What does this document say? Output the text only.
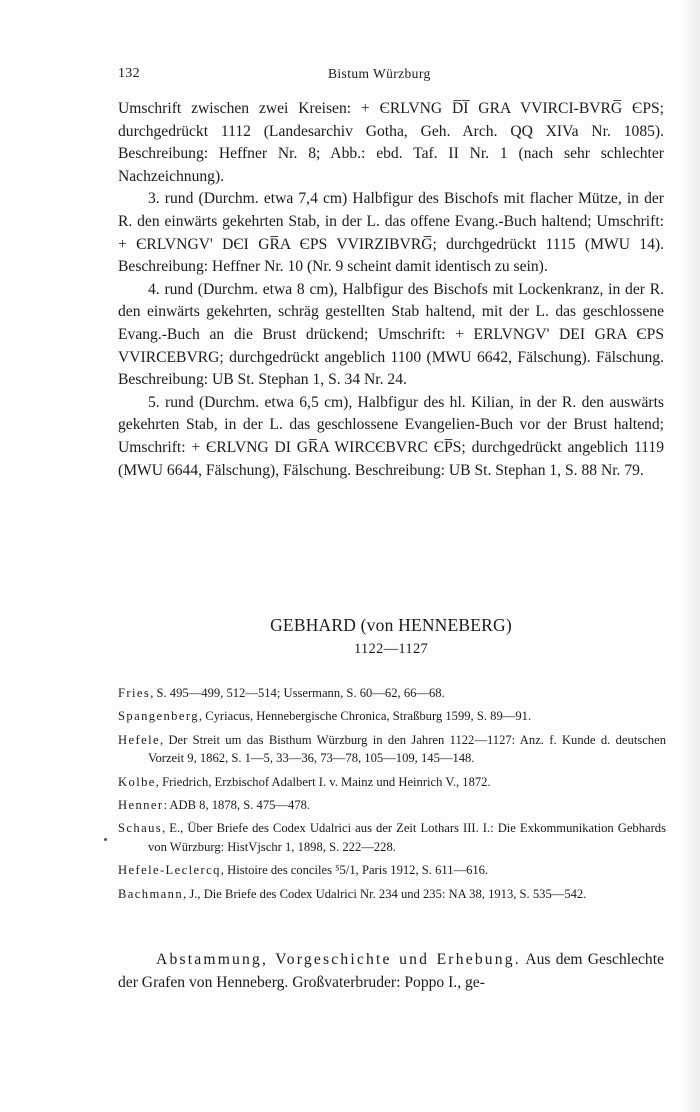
132	Bistum Würzburg

Umschrift zwischen zwei Kreisen: + ЄRLVNG D̅I̅ GRA VVIRCI-BVRG̅ ЄPS; durchgedrückt 1112 (Landesarchiv Gotha, Geh. Arch. QQ XIVa Nr. 1085). Beschreibung: Heffner Nr. 8; Abb.: ebd. Taf. II Nr. 1 (nach sehr schlechter Nachzeichnung).

3. rund (Durchm. etwa 7,4 cm) Halbfigur des Bischofs mit flacher Mütze, in der R. den einwärts gekehrten Stab, in der L. das offene Evang.-Buch haltend; Umschrift: + ЄRLVNGV' DЄI GR̅A ЄPS VVIRZIBVRG̅; durchgedrückt 1115 (MWU 14). Beschreibung: Heffner Nr. 10 (Nr. 9 scheint damit identisch zu sein).

4. rund (Durchm. etwa 8 cm), Halbfigur des Bischofs mit Lockenkranz, in der R. den einwärts gekehrten, schräg gestellten Stab haltend, mit der L. das geschlossene Evang.-Buch an die Brust drückend; Umschrift: + ERLVNGV' DEI GRA ЄPS VVIRCEBVRG; durchgedrückt angeblich 1100 (MWU 6642, Fälschung). Fälschung. Beschreibung: UB St. Stephan 1, S. 34 Nr. 24.

5. rund (Durchm. etwa 6,5 cm), Halbfigur des hl. Kilian, in der R. den auswärts gekehrten Stab, in der L. das geschlossene Evangelien-Buch vor der Brust haltend; Umschrift: + ЄRLVNG DI GR̅A WIRCЄBVRC ЄP̅S; durchgedrückt angeblich 1119 (MWU 6644, Fälschung), Fälschung. Beschreibung: UB St. Stephan 1, S. 88 Nr. 79.

GEBHARD (von HENNEBERG)
1122—1127

Fries, S. 495—499, 512—514; Ussermann, S. 60—62, 66—68.

Spangenberg, Cyriacus, Hennebergische Chronica, Straßburg 1599, S. 89—91.

Hefele, Der Streit um das Bisthum Würzburg in den Jahren 1122—1127: Anz. f. Kunde d. deutschen Vorzeit 9, 1862, S. 1—5, 33—36, 73—78, 105—109, 145—148.

Kolbe, Friedrich, Erzbischof Adalbert I. v. Mainz und Heinrich V., 1872.

Henner: ADB 8, 1878, S. 475—478.

Schaus, E., Über Briefe des Codex Udalrici aus der Zeit Lothars III. I.: Die Exkommunikation Gebhards von Würzburg: HistVjschr 1, 1898, S. 222—228.

Hefele-Leclercq, Histoire des conciles ⁵5/1, Paris 1912, S. 611—616.

Bachmann, J., Die Briefe des Codex Udalrici Nr. 234 und 235: NA 38, 1913, S. 535—542.

Abstammung, Vorgeschichte und Erhebung. Aus dem Geschlechte der Grafen von Henneberg. Großvaterbruder: Poppo I., ge-
